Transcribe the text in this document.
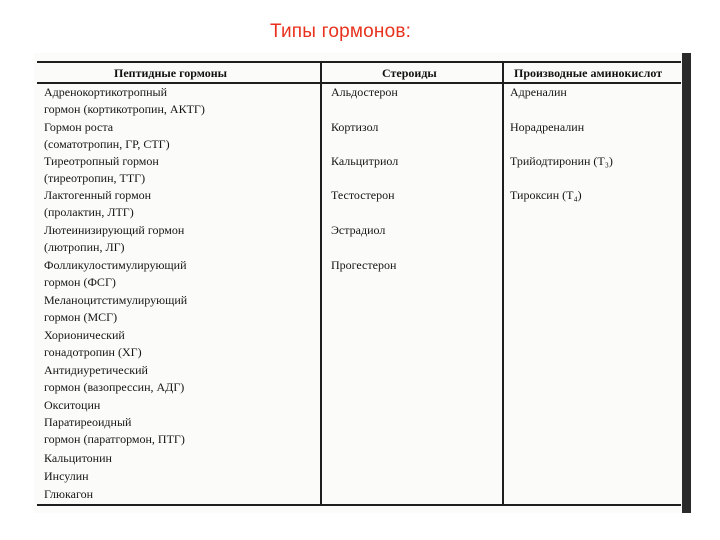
Типы гормонов:
Пептидные гормоны	Стероиды	Производные аминокислот
Адренокортикотропный
гормон (кортикотропин, АКТГ)
Гормон роста
(соматотропин, ГР, СТГ)
Тиреотропный гормон
(тиреотропин, ТТГ)
Лактогенный гормон
(пролактин, ЛТГ)
Лютеинизирующий гормон
(лютропин, ЛГ)
Фолликулостимулирующий
гормон (ФСГ)
Меланоцитстимулирующий
гормон (МСГ)
Хорионический
гонадотропин (ХГ)
Антидиуретический
гормон (вазопрессин, АДГ)
Окситоцин
Паратиреоидный
гормон (паратгормон, ПТГ)
Кальцитонин
Инсулин
Глюкагон
Альдостерон
Кортизол
Кальцитриол
Тестостерон
Эстрадиол
Прогестерон
Адреналин
Норадреналин
Трийодтиронин (Т₃)
Тироксин (Т₄)
